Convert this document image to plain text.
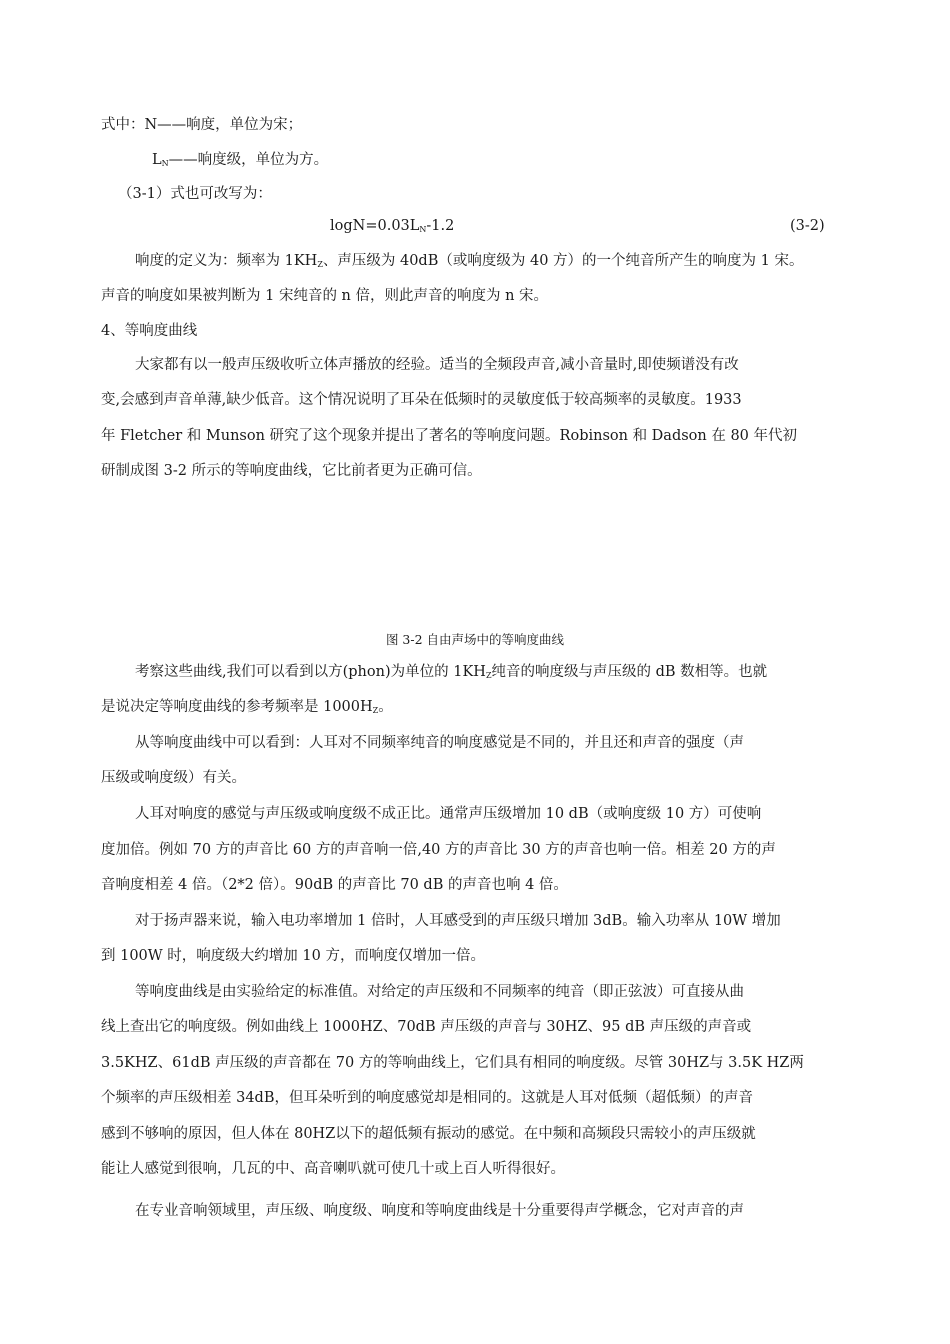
式中：N——响度，单位为宋；
$L_N——$响度级，单位为方。
（3-1）式也可改写为：
$\log N=0.03L_N-1.2$	(3-2)
响度的定义为：频率为 $1KH_Z$、声压级为 40dB（或响度级为 40 方）的一个纯音所产生的响度为 1 宋。
声音的响度如果被判断为 1 宋纯音的 n 倍，则此声音的响度为 n 宋。
4、等响度曲线
大家都有以一般声压级收听立体声播放的经验。适当的全频段声音,减小音量时,即使频谱没有改
变,会感到声音单薄,缺少低音。这个情况说明了耳朵在低频时的灵敏度低于较高频率的灵敏度。1933
年 Fletcher 和 Munson 研究了这个现象并提出了著名的等响度问题。Robinson 和 Dadson 在 80 年代初
研制成图 3-2 所示的等响度曲线，它比前者更为正确可信。
图 3-2 自由声场中的等响度曲线
考察这些曲线,我们可以看到以方(phon)为单位的 $1KH_Z$纯音的响度级与声压级的 dB 数相等。也就
是说决定等响度曲线的参考频率是 $1000H_Z$。
从等响度曲线中可以看到：人耳对不同频率纯音的响度感觉是不同的，并且还和声音的强度（声
压级或响度级）有关。
人耳对响度的感觉与声压级或响度级不成正比。通常声压级增加 10 dB（或响度级 10 方）可使响
度加倍。例如 70 方的声音比 60 方的声音响一倍,40 方的声音比 30 方的声音也响一倍。相差 20 方的声
音响度相差 4 倍。（2*2 倍）。90dB 的声音比 70 dB 的声音也响 4 倍。
对于扬声器来说，输入电功率增加 1 倍时，人耳感受到的声压级只增加 3dB。输入功率从 10W 增加
到 100W 时，响度级大约增加 10 方，而响度仅增加一倍。
等响度曲线是由实验给定的标准值。对给定的声压级和不同频率的纯音（即正弦波）可直接从曲
线上查出它的响度级。例如曲线上 1000HZ、70dB 声压级的声音与 30HZ、95 dB 声压级的声音或
3.5KHZ、61dB 声压级的声音都在 70 方的等响曲线上，它们具有相同的响度级。尽管 30HZ与 3.5K HZ两
个频率的声压级相差 34dB，但耳朵听到的响度感觉却是相同的。这就是人耳对低频（超低频）的声音
感到不够响的原因，但人体在 80HZ以下的超低频有振动的感觉。在中频和高频段只需较小的声压级就
能让人感觉到很响，几瓦的中、高音喇叭就可使几十或上百人听得很好。
在专业音响领域里，声压级、响度级、响度和等响度曲线是十分重要得声学概念，它对声音的声
